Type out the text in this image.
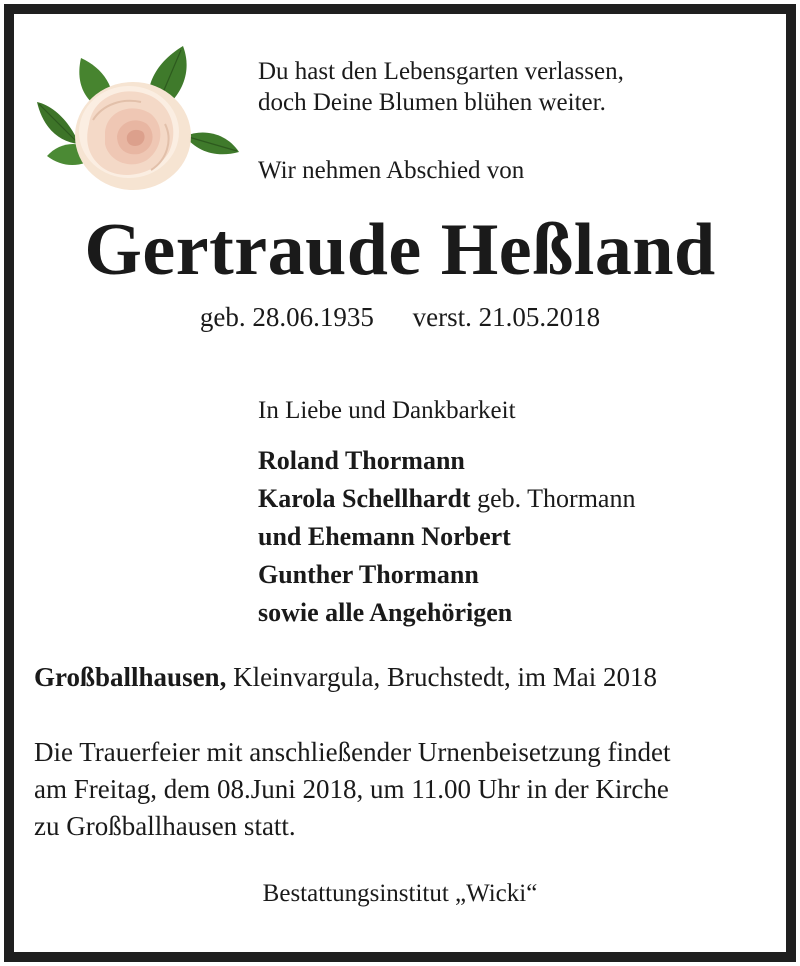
Du hast den Lebensgarten verlassen,
doch Deine Blumen blühen weiter.
Wir nehmen Abschied von
Gertraude Heßland
geb. 28.06.1935 verst. 21.05.2018
In Liebe und Dankbarkeit
Roland Thormann
Karola Schellhardt geb. Thormann
und Ehemann Norbert
Gunther Thormann
sowie alle Angehörigen
Großballhausen, Kleinvargula, Bruchstedt, im Mai 2018
Die Trauerfeier mit anschließender Urnenbeisetzung findet
am Freitag, dem 08.Juni 2018, um 11.00 Uhr in der Kirche
zu Großballhausen statt.
Bestattungsinstitut „Wicki“
